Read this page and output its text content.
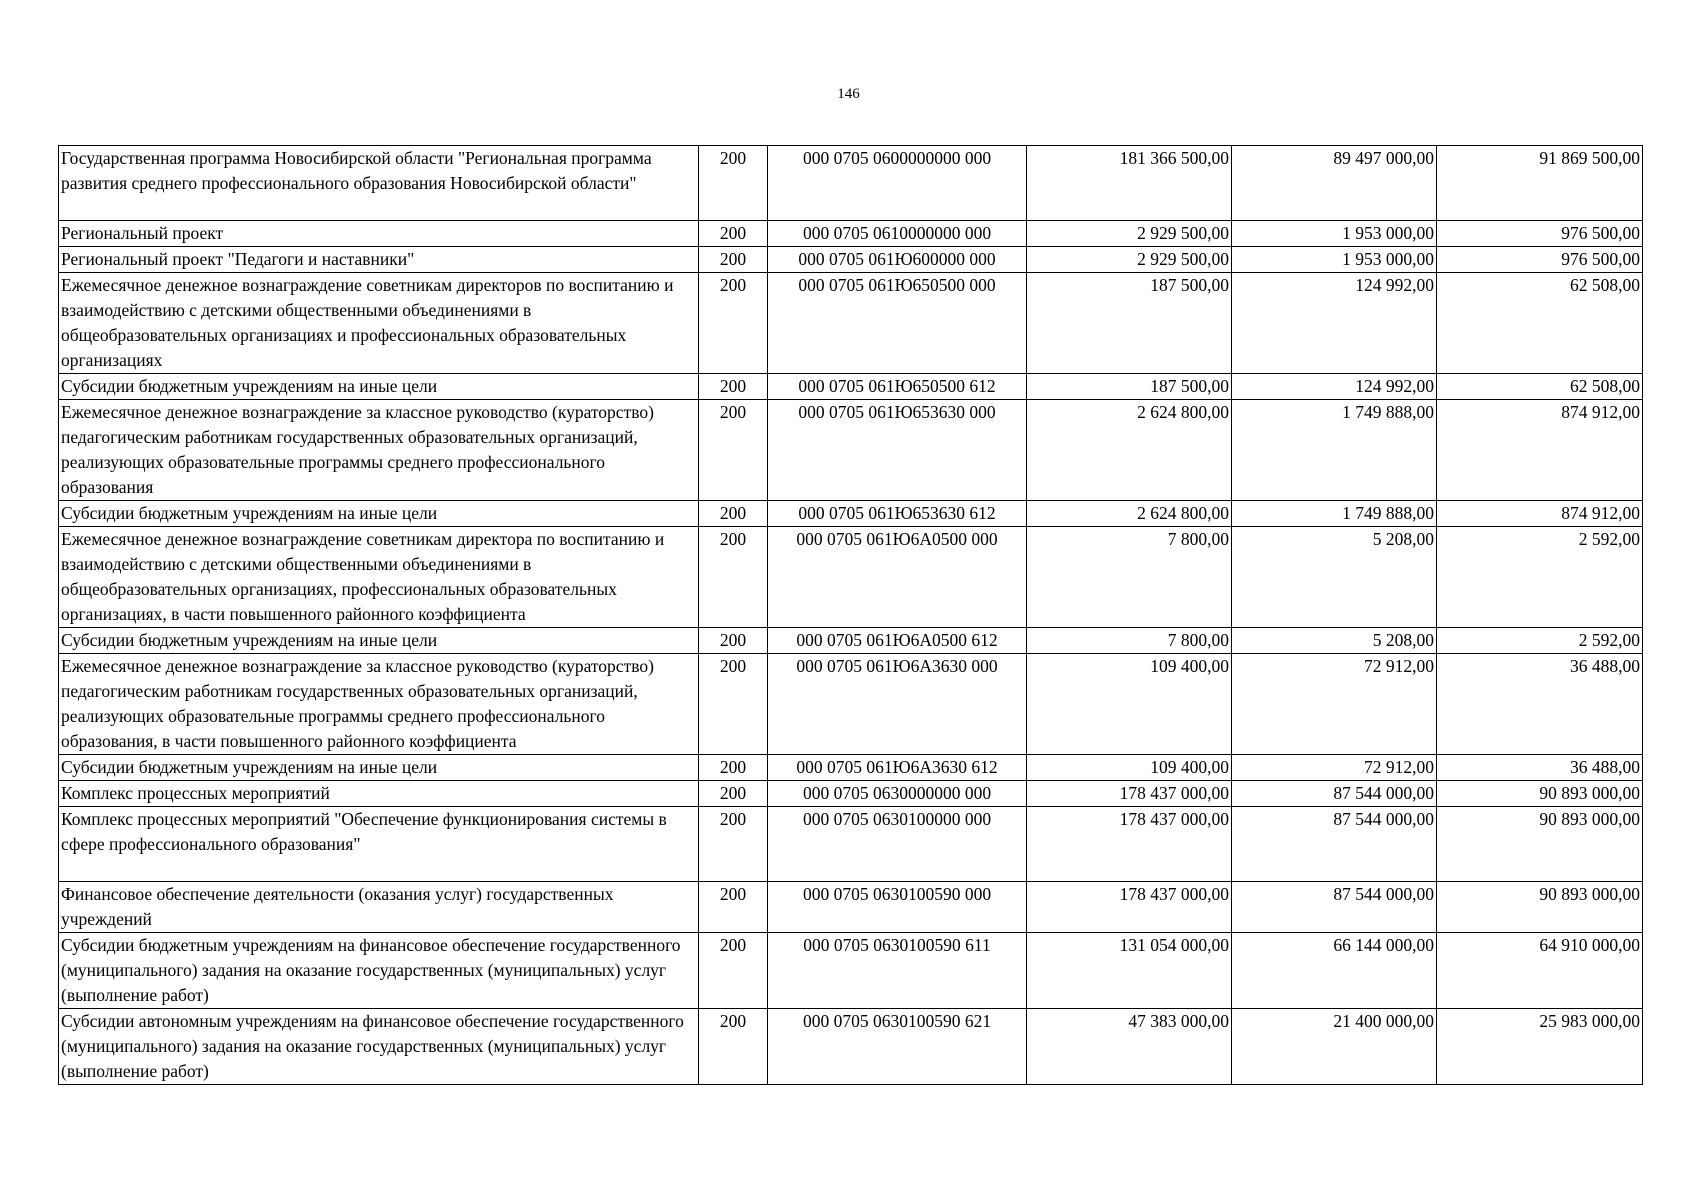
146
Государственная программа Новосибирской области "Региональная программа развития среднего профессионального образования Новосибирской области"	200	000 0705 0600000000 000	181 366 500,00	89 497 000,00	91 869 500,00
Региональный проект	200	000 0705 0610000000 000	2 929 500,00	1 953 000,00	976 500,00
Региональный проект "Педагоги и наставники"	200	000 0705 061Ю600000 000	2 929 500,00	1 953 000,00	976 500,00
Ежемесячное денежное вознаграждение советникам директоров по воспитанию и взаимодействию с детскими общественными объединениями в общеобразовательных организациях и профессиональных образовательных организациях	200	000 0705 061Ю650500 000	187 500,00	124 992,00	62 508,00
Субсидии бюджетным учреждениям на иные цели	200	000 0705 061Ю650500 612	187 500,00	124 992,00	62 508,00
Ежемесячное денежное вознаграждение за классное руководство (кураторство) педагогическим работникам государственных образовательных организаций, реализующих образовательные программы среднего профессионального образования	200	000 0705 061Ю653630 000	2 624 800,00	1 749 888,00	874 912,00
Субсидии бюджетным учреждениям на иные цели	200	000 0705 061Ю653630 612	2 624 800,00	1 749 888,00	874 912,00
Ежемесячное денежное вознаграждение советникам директора по воспитанию и взаимодействию с детскими общественными объединениями в общеобразовательных организациях, профессиональных образовательных организациях, в части повышенного районного коэффициента	200	000 0705 061Ю6А0500 000	7 800,00	5 208,00	2 592,00
Субсидии бюджетным учреждениям на иные цели	200	000 0705 061Ю6А0500 612	7 800,00	5 208,00	2 592,00
Ежемесячное денежное вознаграждение за классное руководство (кураторство) педагогическим работникам государственных образовательных организаций, реализующих образовательные программы среднего профессионального образования, в части повышенного районного коэффициента	200	000 0705 061Ю6А3630 000	109 400,00	72 912,00	36 488,00
Субсидии бюджетным учреждениям на иные цели	200	000 0705 061Ю6А3630 612	109 400,00	72 912,00	36 488,00
Комплекс процессных мероприятий	200	000 0705 0630000000 000	178 437 000,00	87 544 000,00	90 893 000,00
Комплекс процессных мероприятий "Обеспечение функционирования системы в сфере профессионального образования"	200	000 0705 0630100000 000	178 437 000,00	87 544 000,00	90 893 000,00
Финансовое обеспечение деятельности (оказания услуг) государственных учреждений	200	000 0705 0630100590 000	178 437 000,00	87 544 000,00	90 893 000,00
Субсидии бюджетным учреждениям на финансовое обеспечение государственного (муниципального) задания на оказание государственных (муниципальных) услуг (выполнение работ)	200	000 0705 0630100590 611	131 054 000,00	66 144 000,00	64 910 000,00
Субсидии автономным учреждениям на финансовое обеспечение государственного (муниципального) задания на оказание государственных (муниципальных) услуг (выполнение работ)	200	000 0705 0630100590 621	47 383 000,00	21 400 000,00	25 983 000,00
